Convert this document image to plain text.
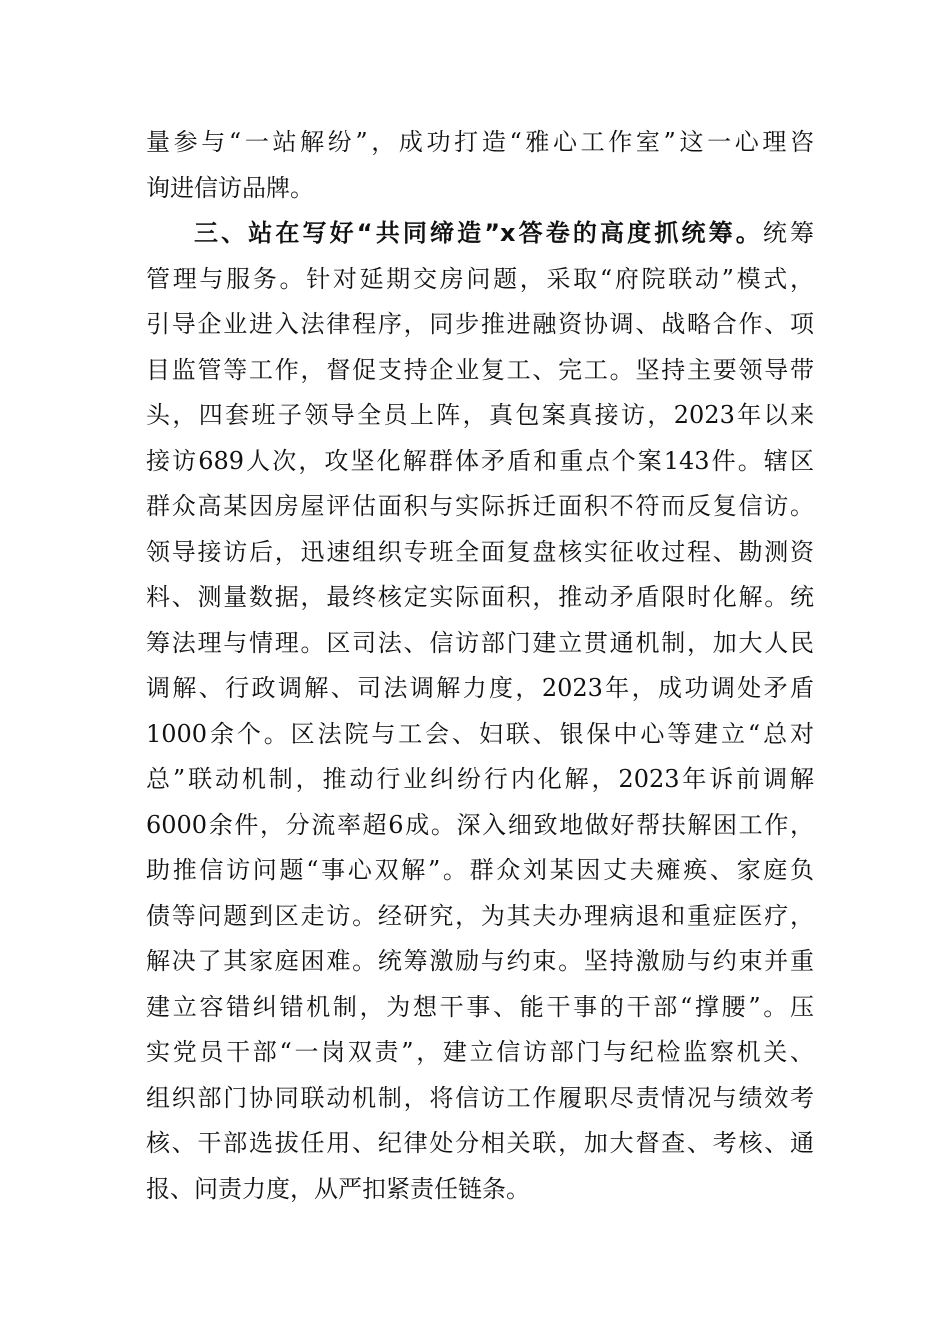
量参与“一站解纷”，成功打造“雅心工作室”这一心理咨
询进信访品牌。
三、站在写好“共同缔造”x答卷的高度抓统筹。统筹
管理与服务。针对延期交房问题，采取“府院联动”模式，
引导企业进入法律程序，同步推进融资协调、战略合作、项
目监管等工作，督促支持企业复工、完工。坚持主要领导带
头，四套班子领导全员上阵，真包案真接访，2023年以来
接访689人次，攻坚化解群体矛盾和重点个案143件。辖区
群众高某因房屋评估面积与实际拆迁面积不符而反复信访。
领导接访后，迅速组织专班全面复盘核实征收过程、勘测资
料、测量数据，最终核定实际面积，推动矛盾限时化解。统
筹法理与情理。区司法、信访部门建立贯通机制，加大人民
调解、行政调解、司法调解力度，2023年，成功调处矛盾
1000余个。区法院与工会、妇联、银保中心等建立“总对
总”联动机制，推动行业纠纷行内化解，2023年诉前调解
6000余件，分流率超6成。深入细致地做好帮扶解困工作，
助推信访问题“事心双解”。群众刘某因丈夫瘫痪、家庭负
债等问题到区走访。经研究，为其夫办理病退和重症医疗，
解决了其家庭困难。统筹激励与约束。坚持激励与约束并重
建立容错纠错机制，为想干事、能干事的干部“撑腰”。压
实党员干部“一岗双责”，建立信访部门与纪检监察机关、
组织部门协同联动机制，将信访工作履职尽责情况与绩效考
核、干部选拔任用、纪律处分相关联，加大督查、考核、通
报、问责力度，从严扣紧责任链条。
